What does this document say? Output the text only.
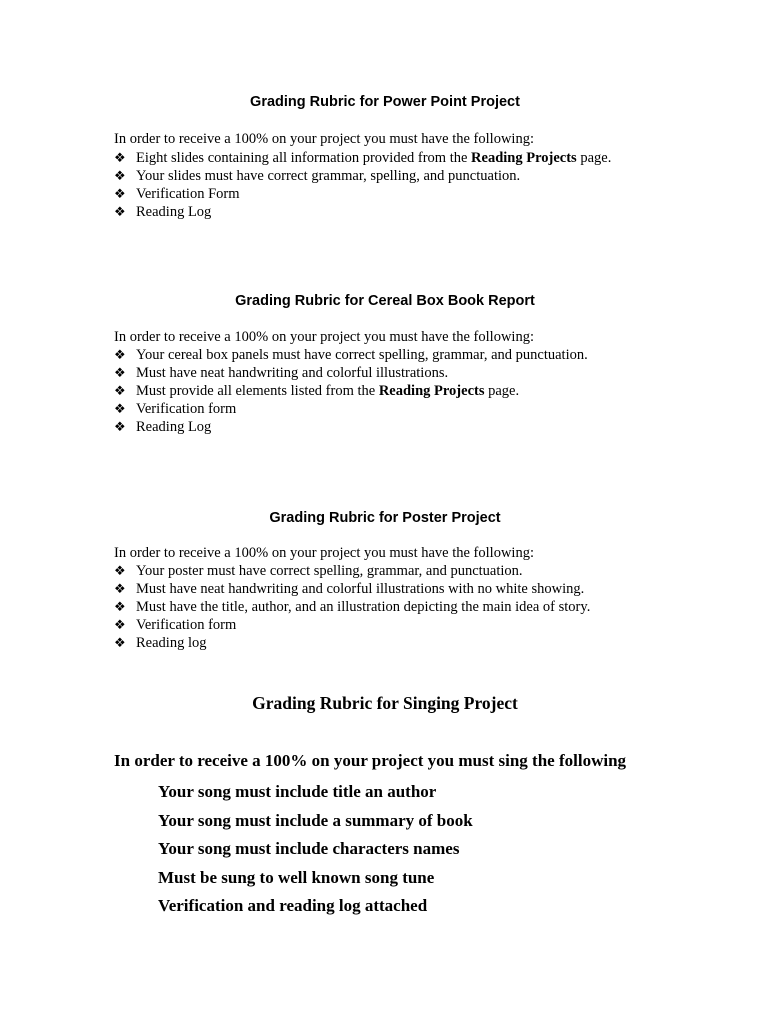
Grading Rubric for Power Point Project

In order to receive a 100% on your project you must have the following:

❖ Eight slides containing all information provided from the Reading Projects page.
❖ Your slides must have correct grammar, spelling, and punctuation.
❖ Verification Form
❖ Reading Log
Grading Rubric for Cereal Box Book Report

In order to receive a 100% on your project you must have the following:

❖ Your cereal box panels must have correct spelling, grammar, and punctuation.
❖ Must have neat handwriting and colorful illustrations.
❖ Must provide all elements listed from the Reading Projects page.
❖ Verification form
❖ Reading Log
Grading Rubric for Poster Project

In order to receive a 100% on your project you must have the following:

❖ Your poster must have correct spelling, grammar, and punctuation.
❖ Must have neat handwriting and colorful illustrations with no white showing.
❖ Must have the title, author, and an illustration depicting the main idea of story.
❖ Verification form
❖ Reading log
Grading Rubric for Singing Project

In order to receive a 100% on your project you must sing the following

Your song must include title an author
Your song must include a summary of book
Your song must include characters names
Must be sung to well known song tune
Verification and reading log attached
